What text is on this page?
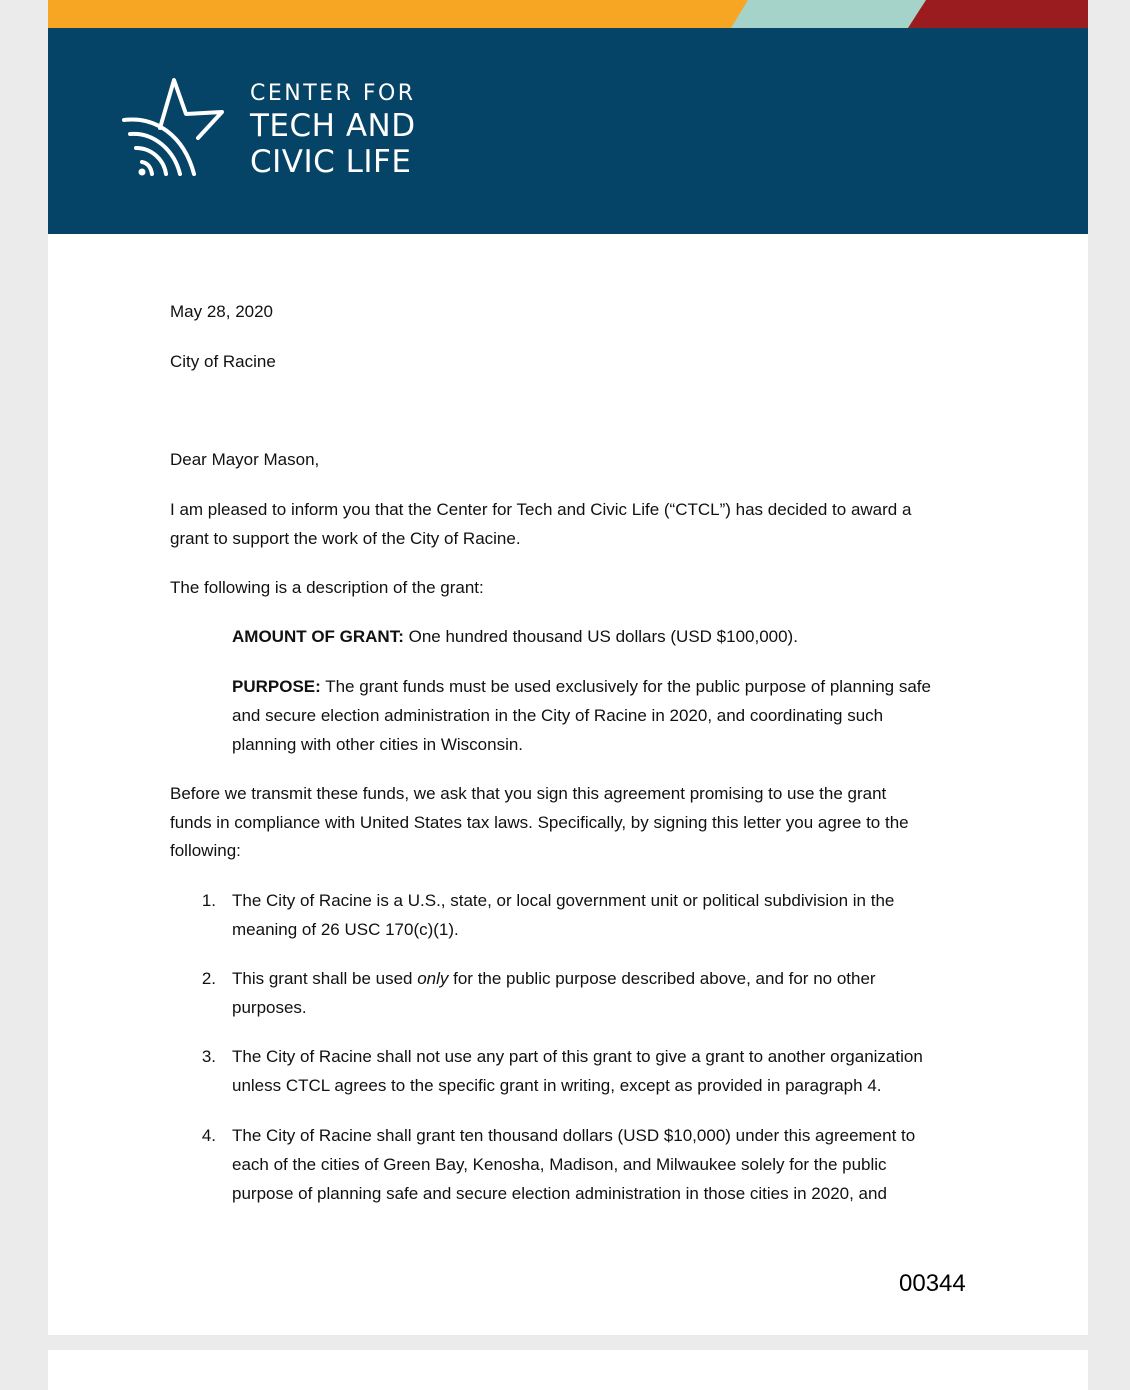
CENTER FOR
TECH AND
CIVIC LIFE

May 28, 2020

City of Racine

Dear Mayor Mason,

I am pleased to inform you that the Center for Tech and Civic Life (“CTCL”) has decided to award a

grant to support the work of the City of Racine.

The following is a description of the grant:

AMOUNT OF GRANT: One hundred thousand US dollars (USD $100,000).

PURPOSE: The grant funds must be used exclusively for the public purpose of planning safe

and secure election administration in the City of Racine in 2020, and coordinating such

planning with other cities in Wisconsin.

Before we transmit these funds, we ask that you sign this agreement promising to use the grant

funds in compliance with United States tax laws. Specifically, by signing this letter you agree to the

following:

1. The City of Racine is a U.S., state, or local government unit or political subdivision in the

meaning of 26 USC 170(c)(1).

2. This grant shall be used only for the public purpose described above, and for no other

purposes.

3. The City of Racine shall not use any part of this grant to give a grant to another organization

unless CTCL agrees to the specific grant in writing, except as provided in paragraph 4.

4. The City of Racine shall grant ten thousand dollars (USD $10,000) under this agreement to

each of the cities of Green Bay, Kenosha, Madison, and Milwaukee solely for the public

purpose of planning safe and secure election administration in those cities in 2020, and

00344
